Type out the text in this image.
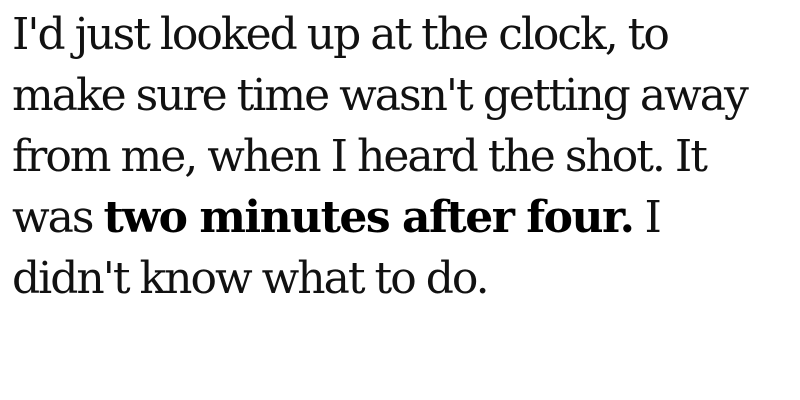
I'd just looked up at the clock, to
make sure time wasn't getting away
from me, when I heard the shot. It
was two minutes after four. I
didn't know what to do.
